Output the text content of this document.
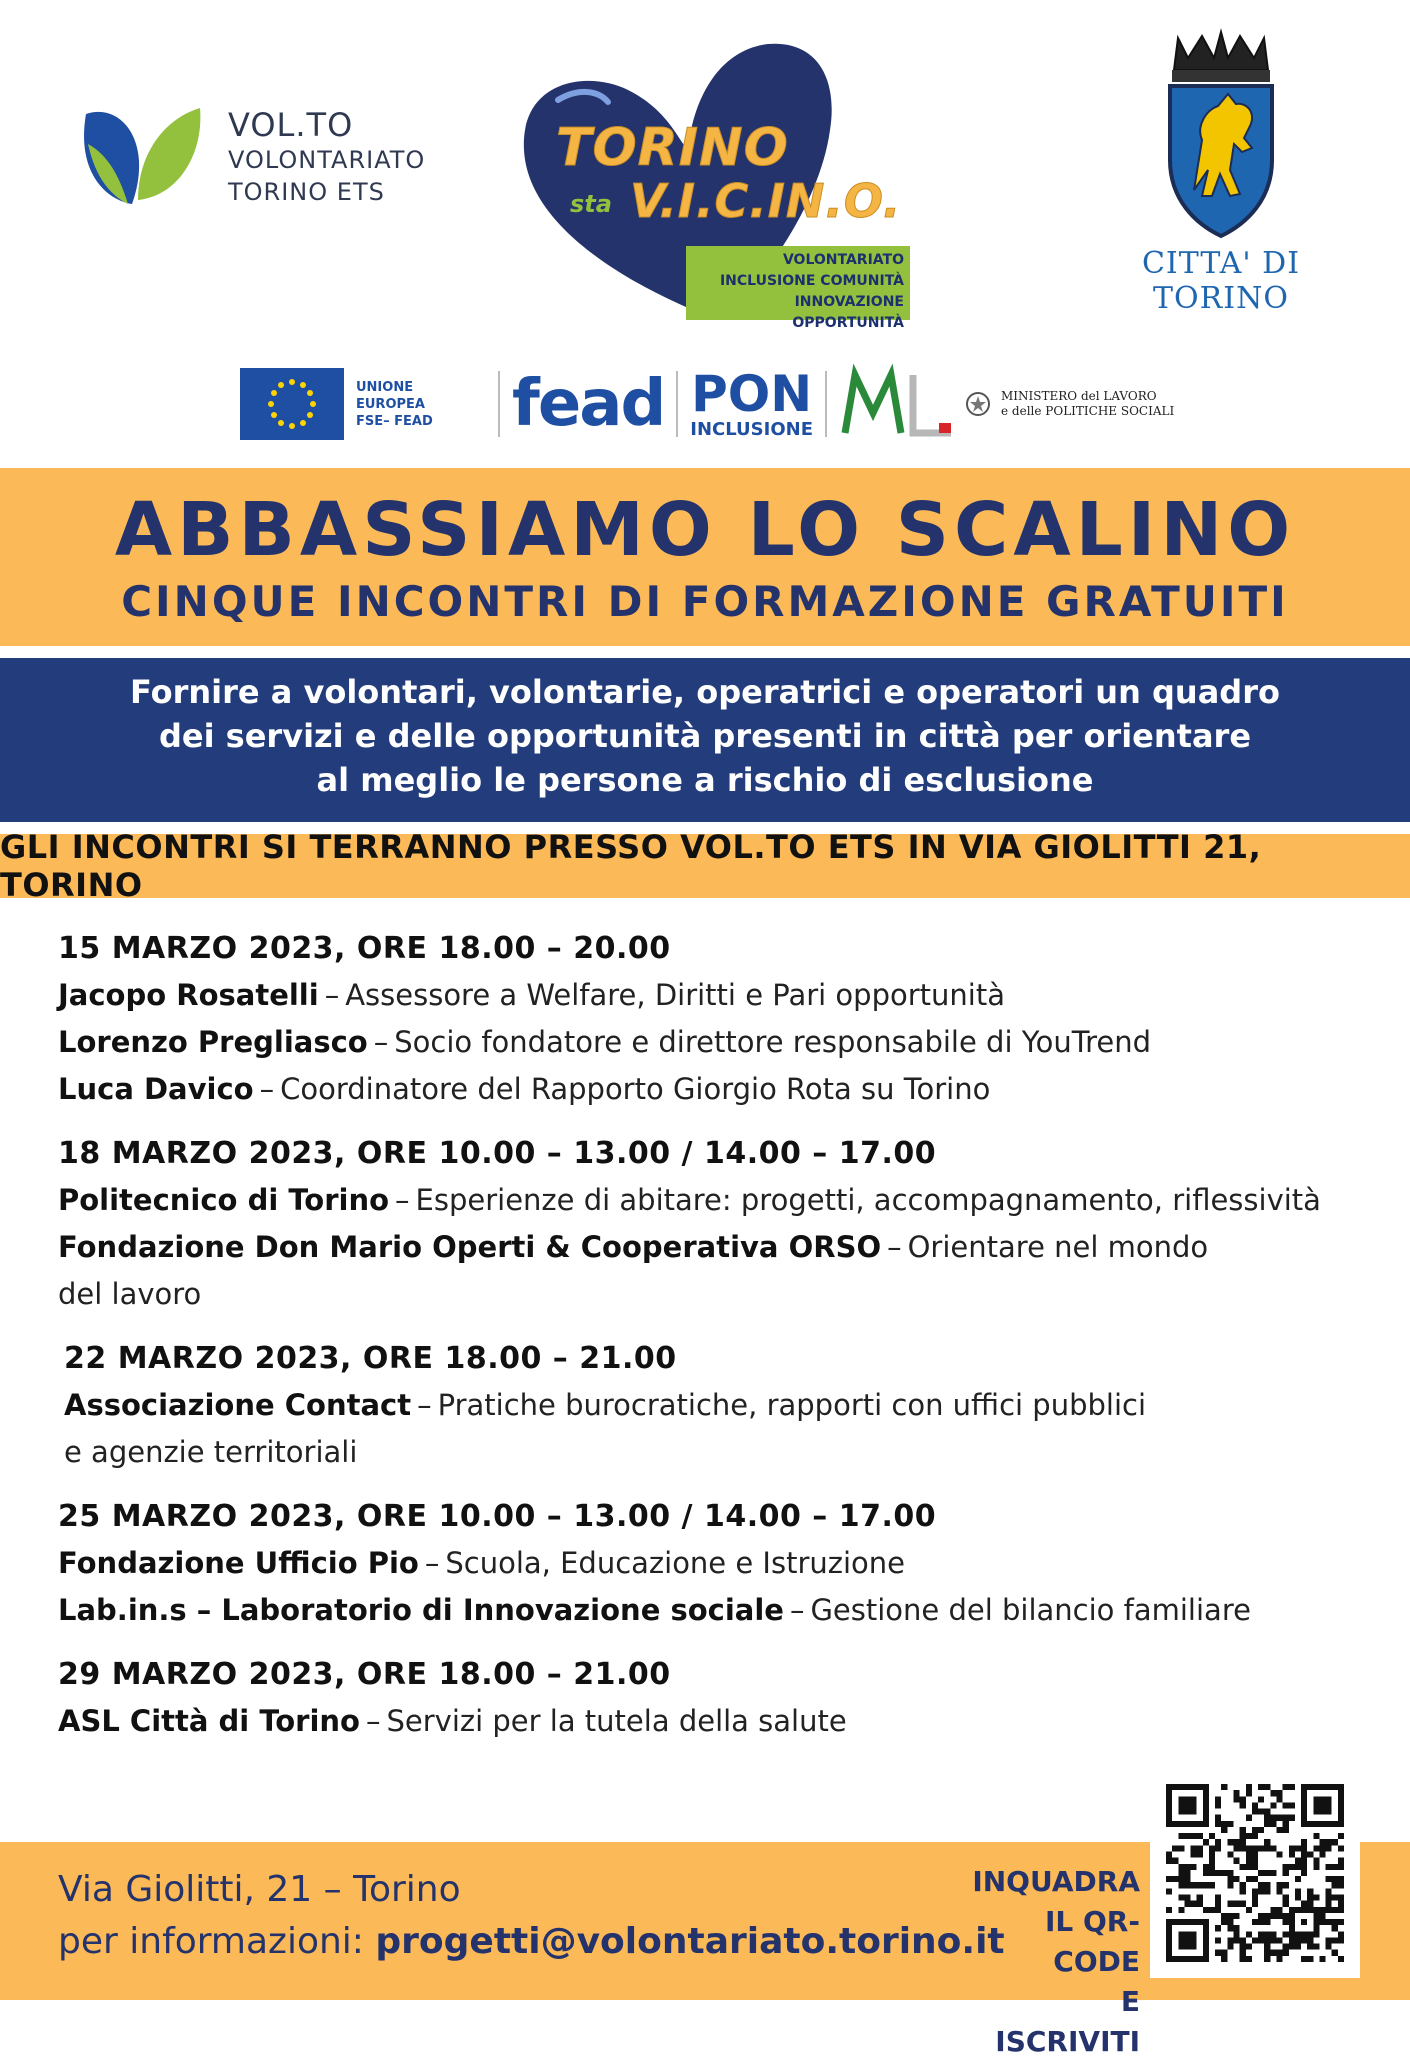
VOL.TO
VOLONTARIATO
TORINO ETS
TORINO
sta V.I.C.IN.O.
VOLONTARIATO
INCLUSIONE COMUNITÀ
INNOVAZIONE OPPORTUNITÀ
CITTA' DI TORINO
UNIONE EUROPEA
FSE– FEAD	fead PON
INCLUSIONE
MINISTERO del LAVORO
e delle POLITICHE SOCIALI
ABBASSIAMO LO SCALINO
CINQUE INCONTRI DI FORMAZIONE GRATUITI
Fornire a volontari, volontarie, operatrici e operatori un quadro
dei servizi e delle opportunità presenti in città per orientare
al meglio le persone a rischio di esclusione
GLI INCONTRI SI TERRANNO PRESSO VOL.TO ETS IN VIA GIOLITTI 21, TORINO
15 MARZO 2023, ORE 18.00 – 20.00
Jacopo Rosatelli – Assessore a Welfare, Diritti e Pari opportunità
Lorenzo Pregliasco – Socio fondatore e direttore responsabile di YouTrend
Luca Davico – Coordinatore del Rapporto Giorgio Rota su Torino
18 MARZO 2023, ORE 10.00 – 13.00 / 14.00 – 17.00
Politecnico di Torino – Esperienze di abitare: progetti, accompagnamento, riflessività
Fondazione Don Mario Operti & Cooperativa ORSO – Orientare nel mondo
del lavoro
22 MARZO 2023, ORE 18.00 – 21.00
Associazione Contact – Pratiche burocratiche, rapporti con uffici pubblici
e agenzie territoriali
25 MARZO 2023, ORE 10.00 – 13.00 / 14.00 – 17.00
Fondazione Ufficio Pio – Scuola, Educazione e Istruzione
Lab.in.s – Laboratorio di Innovazione sociale – Gestione del bilancio familiare
29 MARZO 2023, ORE 18.00 – 21.00
ASL Città di Torino – Servizi per la tutela della salute
Via Giolitti, 21 – Torino
per informazioni: progetti@volontariato.torino.it
INQUADRA
IL QR-CODE
E ISCRIVITI
